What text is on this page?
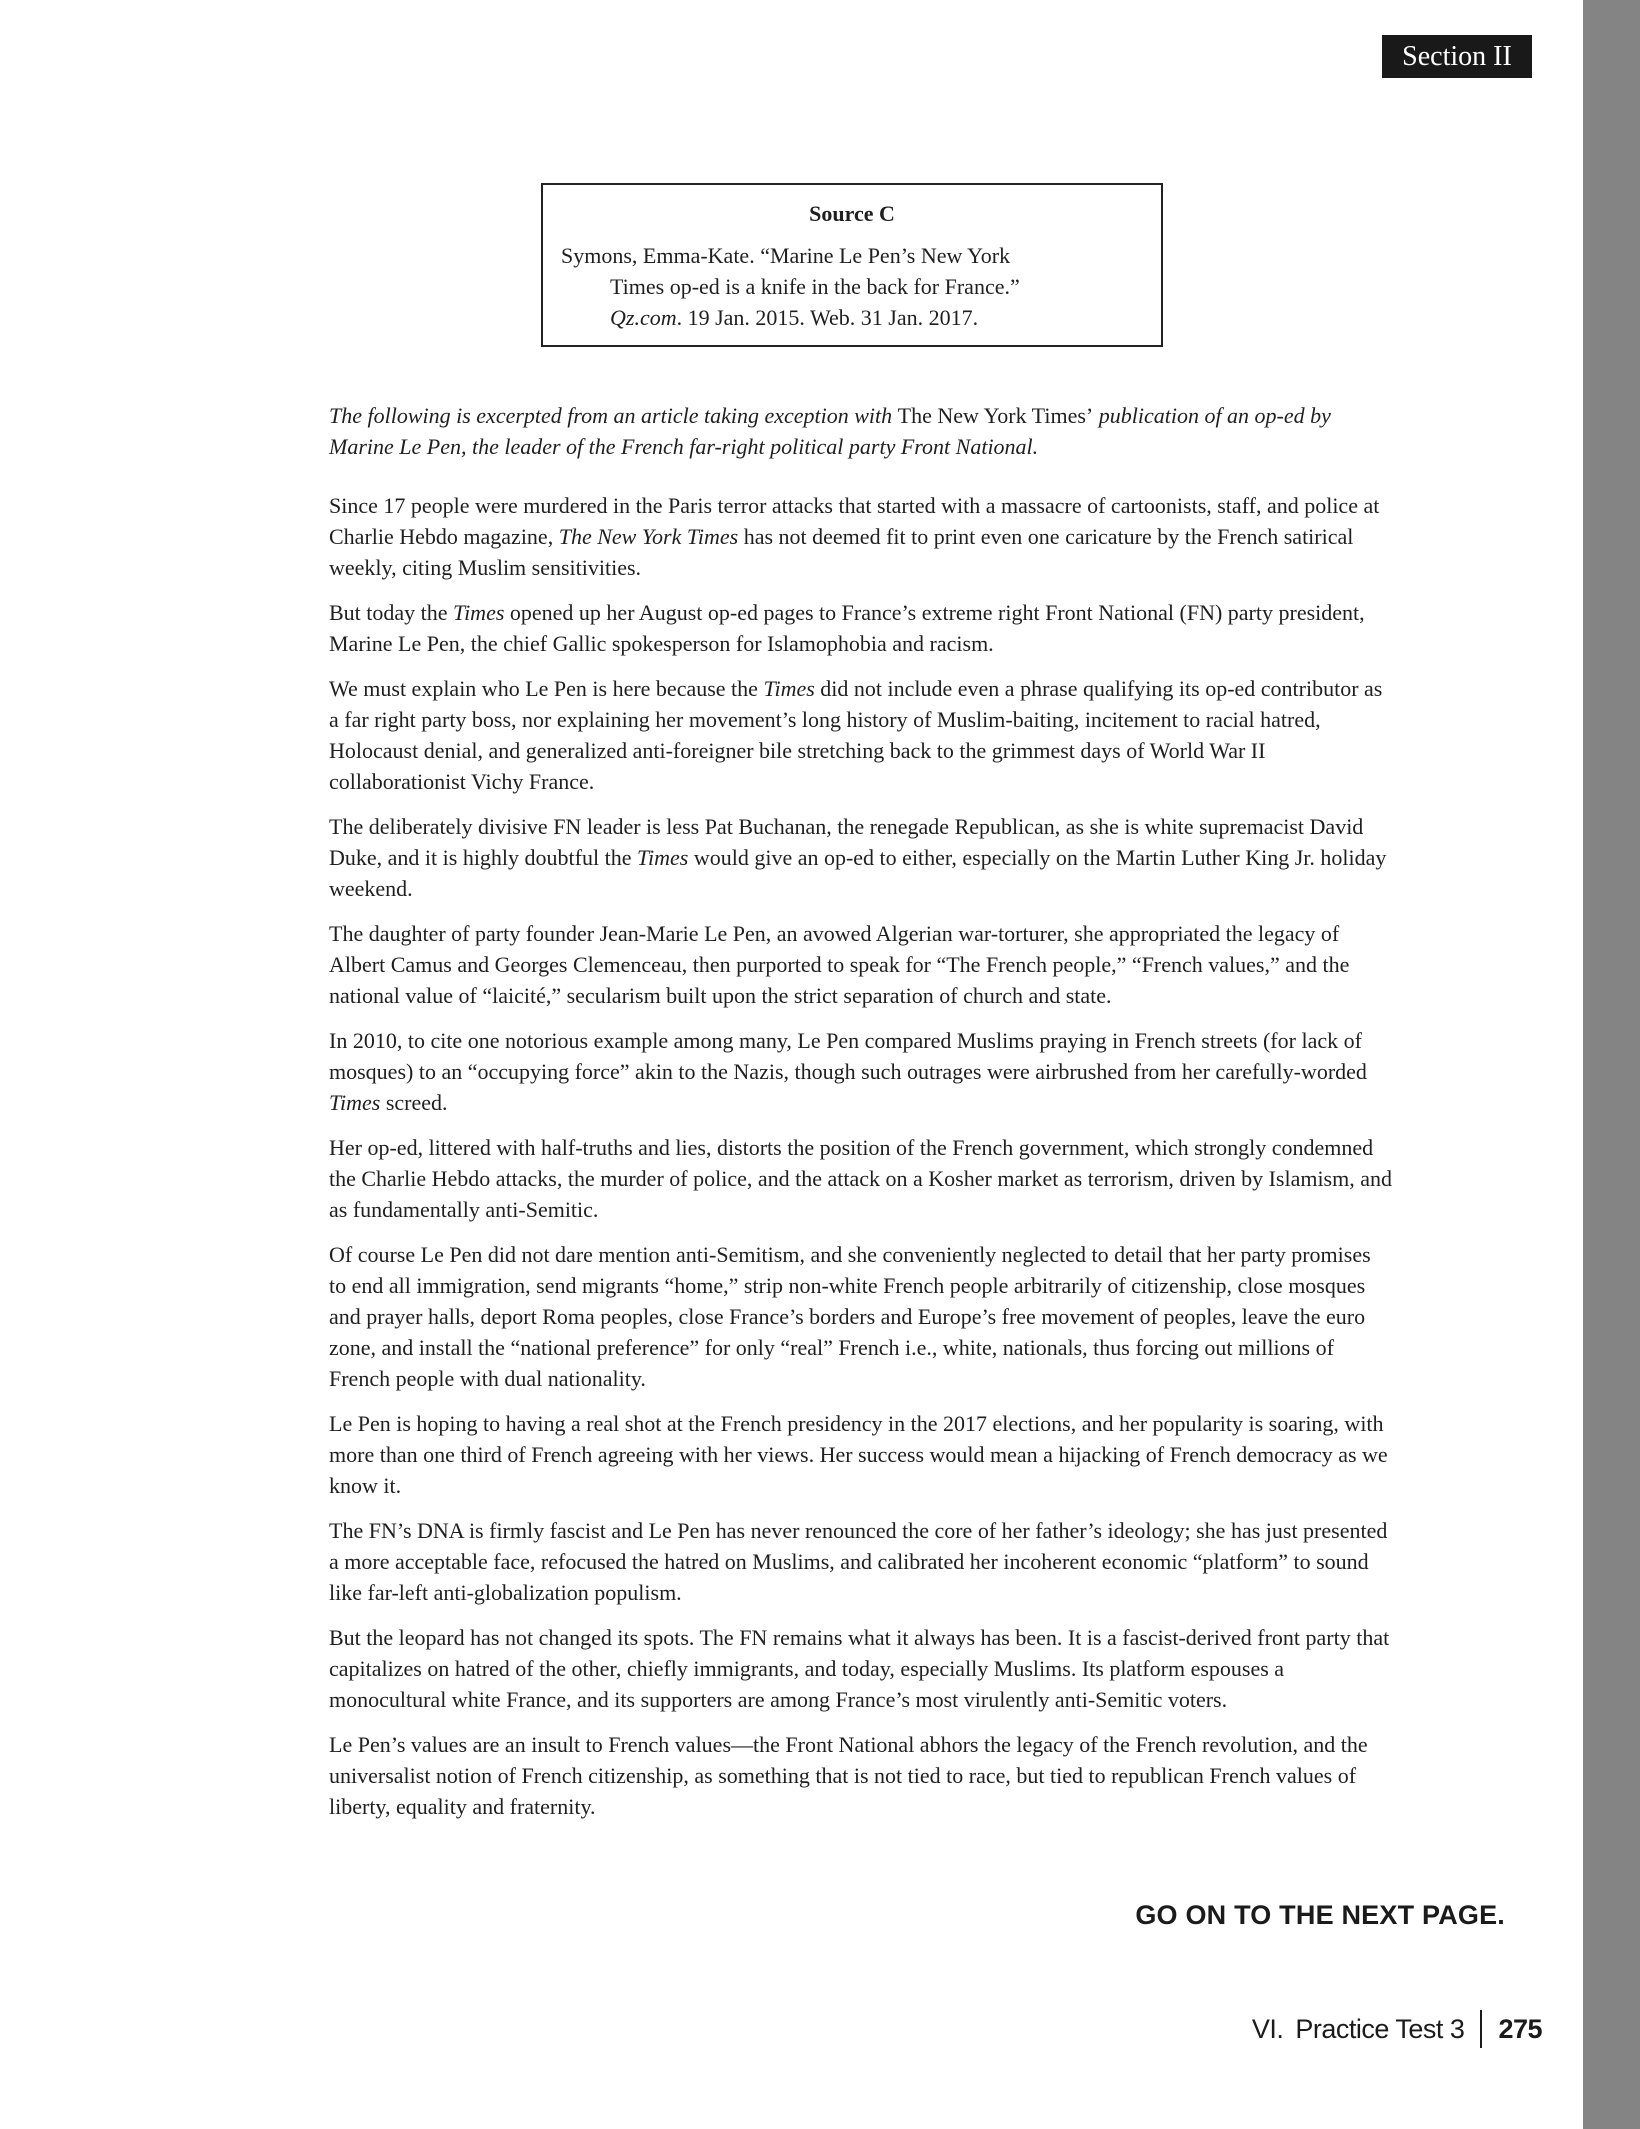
Section II
Source C
Symons, Emma-Kate. “Marine Le Pen’s New York
Times op-ed is a knife in the back for France.”
Qz.com. 19 Jan. 2015. Web. 31 Jan. 2017.

The following is excerpted from an article taking exception with The New York Times’ publication of an op-ed by Marine Le Pen, the leader of the French far-right political party Front National.

Since 17 people were murdered in the Paris terror attacks that started with a massacre of cartoonists, staff, and police at Charlie Hebdo magazine, The New York Times has not deemed fit to print even one caricature by the French satirical weekly, citing Muslim sensitivities.

But today the Times opened up her August op-ed pages to France’s extreme right Front National (FN) party president, Marine Le Pen, the chief Gallic spokesperson for Islamophobia and racism.

We must explain who Le Pen is here because the Times did not include even a phrase qualifying its op-ed contributor as a far right party boss, nor explaining her movement’s long history of Muslim-baiting, incitement to racial hatred, Holocaust denial, and generalized anti-foreigner bile stretching back to the grimmest days of World War II collaborationist Vichy France.

The deliberately divisive FN leader is less Pat Buchanan, the renegade Republican, as she is white supremacist David Duke, and it is highly doubtful the Times would give an op-ed to either, especially on the Martin Luther King Jr. holiday weekend.

The daughter of party founder Jean-Marie Le Pen, an avowed Algerian war-torturer, she appropriated the legacy of Albert Camus and Georges Clemenceau, then purported to speak for “The French people,” “French values,” and the national value of “laicité,” secularism built upon the strict separation of church and state.

In 2010, to cite one notorious example among many, Le Pen compared Muslims praying in French streets (for lack of mosques) to an “occupying force” akin to the Nazis, though such outrages were airbrushed from her carefully-worded Times screed.

Her op-ed, littered with half-truths and lies, distorts the position of the French government, which strongly condemned the Charlie Hebdo attacks, the murder of police, and the attack on a Kosher market as terrorism, driven by Islamism, and as fundamentally anti-Semitic.

Of course Le Pen did not dare mention anti-Semitism, and she conveniently neglected to detail that her party promises to end all immigration, send migrants “home,” strip non-white French people arbitrarily of citizenship, close mosques and prayer halls, deport Roma peoples, close France’s borders and Europe’s free movement of peoples, leave the euro zone, and install the “national preference” for only “real” French i.e., white, nationals, thus forcing out millions of French people with dual nationality.

Le Pen is hoping to having a real shot at the French presidency in the 2017 elections, and her popularity is soaring, with more than one third of French agreeing with her views. Her success would mean a hijacking of French democracy as we know it.

The FN’s DNA is firmly fascist and Le Pen has never renounced the core of her father’s ideology; she has just presented a more acceptable face, refocused the hatred on Muslims, and calibrated her incoherent economic “platform” to sound like far-left anti-globalization populism.

But the leopard has not changed its spots. The FN remains what it always has been. It is a fascist-derived front party that capitalizes on hatred of the other, chiefly immigrants, and today, especially Muslims. Its platform espouses a monocultural white France, and its supporters are among France’s most virulently anti-Semitic voters.

Le Pen’s values are an insult to French values—the Front National abhors the legacy of the French revolution, and the universalist notion of French citizenship, as something that is not tied to race, but tied to republican French values of liberty, equality and fraternity.

GO ON TO THE NEXT PAGE.
VI. Practice Test 3 275
